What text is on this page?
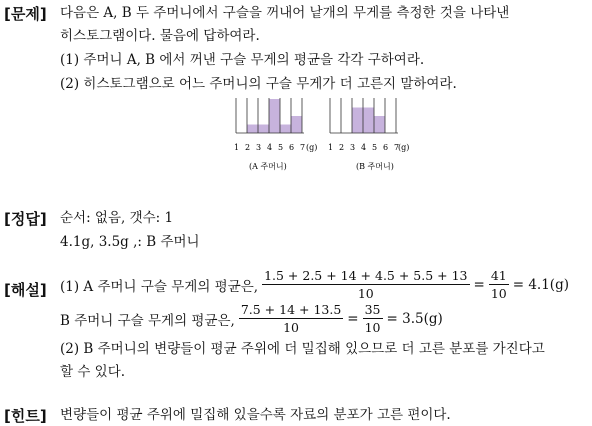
[문제] 다음은 A, B 두 주머니에서 구슬을 꺼내어 낱개의 무게를 측정한 것을 나타낸
히스토그램이다. 물음에 답하여라.
(1) 주머니 A, B 에서 꺼낸 구슬 무게의 평균을 각각 구하여라.
(2) 히스토그램으로 어느 주머니의 구슬 무게가 더 고른지 말하여라.
1 2 3 4 5 6 7 (g)
(A 주머니)
1 2 3 4 5 6 7
(g)
(B 주머니)
[정답] 순서: 없음, 갯수: 1
4.1g, 3.5g ,: B 주머니
[해설] (1) A 주머니 구슬 무게의 평균은, $\frac{1.5 + 2.5 + 14 + 4.5 + 5.5 + 13}{10} = \frac{41}{10} = 4.1(g)$
B 주머니 구슬 무게의 평균은, $\frac{7.5 + 14 + 13.5}{10} = \frac{35}{10} = 3.5(g)$
(2) B 주머니의 변량들이 평균 주위에 더 밀집해 있으므로 더 고른 분포를 가진다고
할 수 있다.
[힌트] 변량들이 평균 주위에 밀집해 있을수록 자료의 분포가 고른 편이다.
